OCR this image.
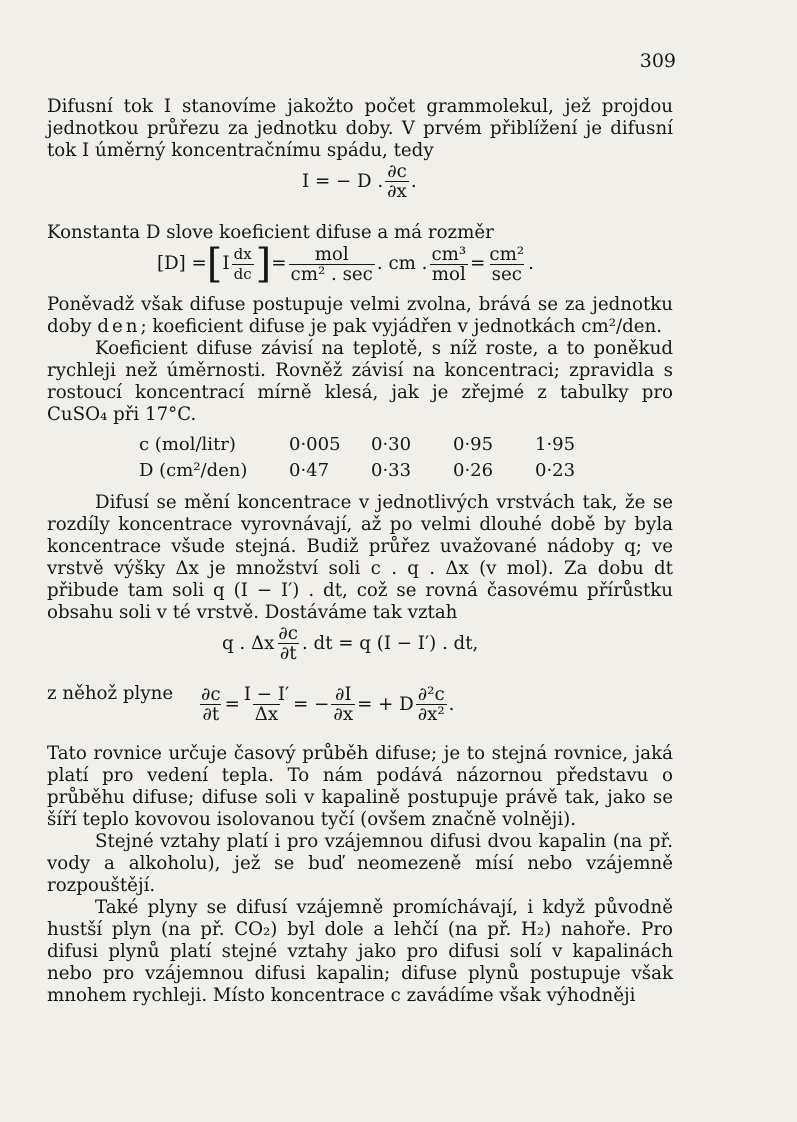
309

Difusní tok I stanovíme jakožto počet grammolekul, jež projdou jednotkou průřezu za jednotku doby. V prvém přiblížení je difusní tok I úměrný koncentračnímu spádu, tedy

I = − D . $\frac{\partial c}{\partial x}$ .

Konstanta D slove koeficient difuse a má rozměr

[D] = [ I $\frac{dx}{dc}$ ] = $\frac{\text{mol}}{\text{cm² . sec}}$ . cm . $\frac{\text{cm³}}{\text{mol}} = \frac{\text{cm²}}{\sec}$ .

Poněvadž však difuse postupuje velmi zvolna, brává se za jednotku doby den; koeficient difuse je pak vyjádřen v jednotkách cm²/den.

Koeficient difuse závisí na teplotě, s níž roste, a to poněkud rychleji než úměrnosti. Rovněž závisí na koncentraci; zpravidla s rostoucí koncentrací mírně klesá, jak je zřejmé z tabulky pro CuSO₄ při 17°C.

c (mol/litr)	0·005	0·30	0·95	1·95
D (cm²/den)	0·47	0·33	0·26	0·23

Difusí se mění koncentrace v jednotlivých vrstvách tak, že se rozdíly koncentrace vyrovnávají, až po velmi dlouhé době by byla koncentrace všude stejná. Budiž průřez uvažované nádoby q; ve vrstvě výšky Δx je množství soli c . q . Δx (v mol). Za dobu dt přibude tam soli q (I − I′) . dt, což se rovná časovému přírůstku obsahu soli v té vrstvě. Dostáváme tak vztah

q . Δx $\frac{\partial c}{\partial t}$ . dt = q (I − I′) . dt,
z něhož plyne $\frac{\partial c}{\partial t} = \frac{I - I'}{\Delta x}$ = − $\frac{\partial I}{\partial x}$ = + D $\frac{\text{∂²c}}{\text{∂x²}}$ .

Tato rovnice určuje časový průběh difuse; je to stejná rovnice, jaká platí pro vedení tepla. To nám podává názornou představu o průběhu difuse; difuse soli v kapalině postupuje právě tak, jako se šíří teplo kovovou isolovanou tyčí (ovšem značně volněji).

Stejné vztahy platí i pro vzájemnou difusi dvou kapalin (na př. vody a alkoholu), jež se buď neomezeně mísí nebo vzájemně rozpouštějí.

Také plyny se difusí vzájemně promíchávají, i když původně hustší plyn (na př. CO₂) byl dole a lehčí (na př. H₂) nahoře. Pro difusi plynů platí stejné vztahy jako pro difusi solí v kapalinách nebo pro vzájemnou difusi kapalin; difuse plynů postupuje však mnohem rychleji. Místo koncentrace c zavádíme však výhodněji
